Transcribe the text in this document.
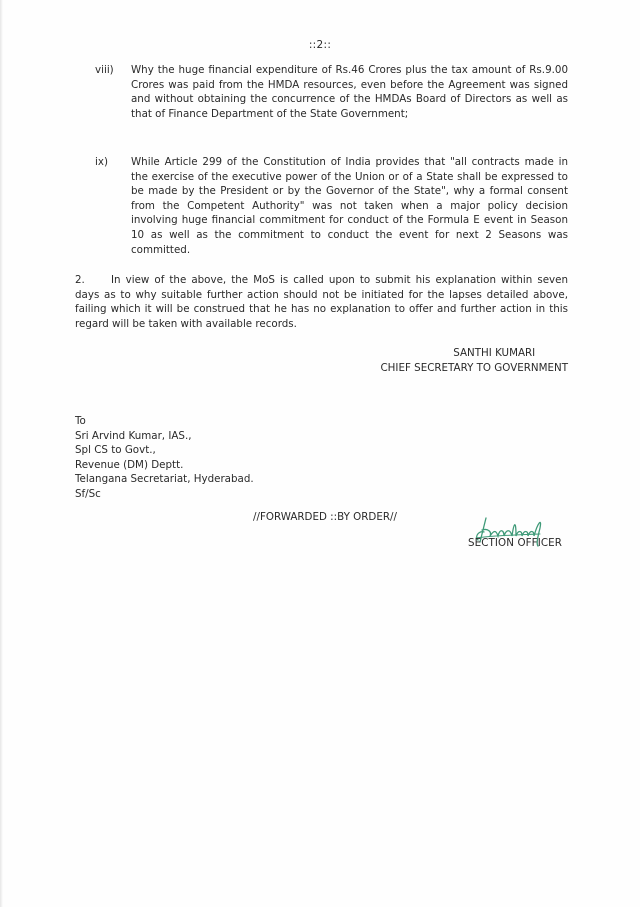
::2::
viii)	Why the huge financial expenditure of Rs.46 Crores plus the tax amount of Rs.9.00 Crores was paid from the HMDA resources, even before the Agreement was signed and without obtaining the concurrence of the HMDAs Board of Directors as well as that of Finance Department of the State Government;
ix)	While Article 299 of the Constitution of India provides that "all contracts made in the exercise of the executive power of the Union or of a State shall be expressed to be made by the President or by the Governor of the State", why a formal consent from the Competent Authority" was not taken when a major policy decision involving huge financial commitment for conduct of the Formula E event in Season 10 as well as the commitment to conduct the event for next 2 Seasons was committed.
2.	In view of the above, the MoS is called upon to submit his explanation within seven days as to why suitable further action should not be initiated for the lapses detailed above, failing which it will be construed that he has no explanation to offer and further action in this regard will be taken with available records.
SANTHI KUMARI
CHIEF SECRETARY TO GOVERNMENT
To
Sri Arvind Kumar, IAS.,
Spl CS to Govt.,
Revenue (DM) Deptt.
Telangana Secretariat, Hyderabad.
Sf/Sc
//FORWARDED ::BY ORDER//
SECTION OFFICER
